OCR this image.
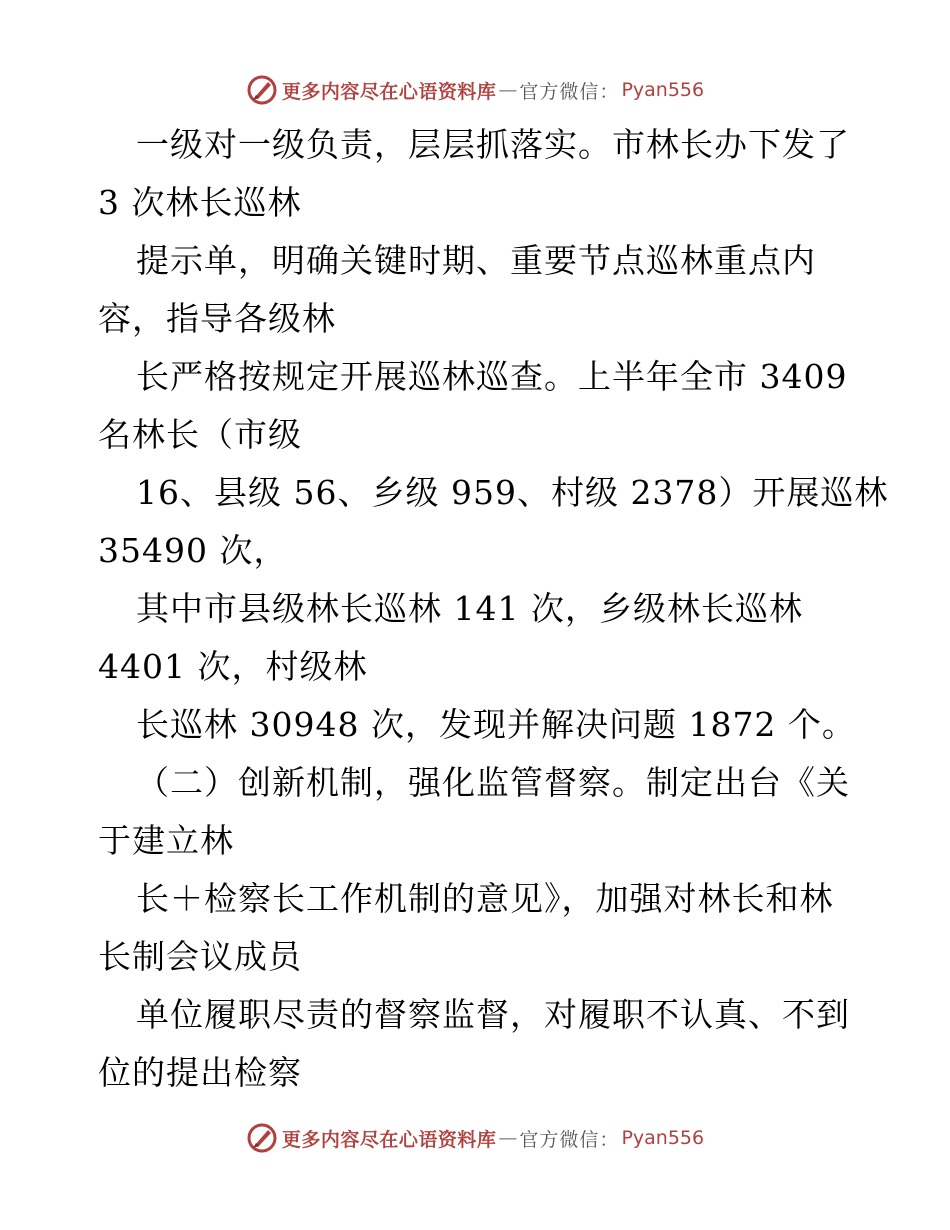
更多内容尽在心语资料库 — 官方微信： Pyan556
一级对一级负责，层层抓落实。市林长办下发了
3 次林长巡林
提示单，明确关键时期、重要节点巡林重点内
容，指导各级林
长严格按规定开展巡林巡查。上半年全市 3409
名林长（市级
16、县级 56、乡级 959、村级 2378）开展巡林
35490 次，
其中市县级林长巡林 141 次，乡级林长巡林
4401 次，村级林
长巡林 30948 次，发现并解决问题 1872 个。
（二）创新机制，强化监管督察。制定出台《关
于建立林
长＋检察长工作机制的意见》，加强对林长和林
长制会议成员
单位履职尽责的督察监督，对履职不认真、不到
位的提出检察
更多内容尽在心语资料库 — 官方微信： Pyan556
